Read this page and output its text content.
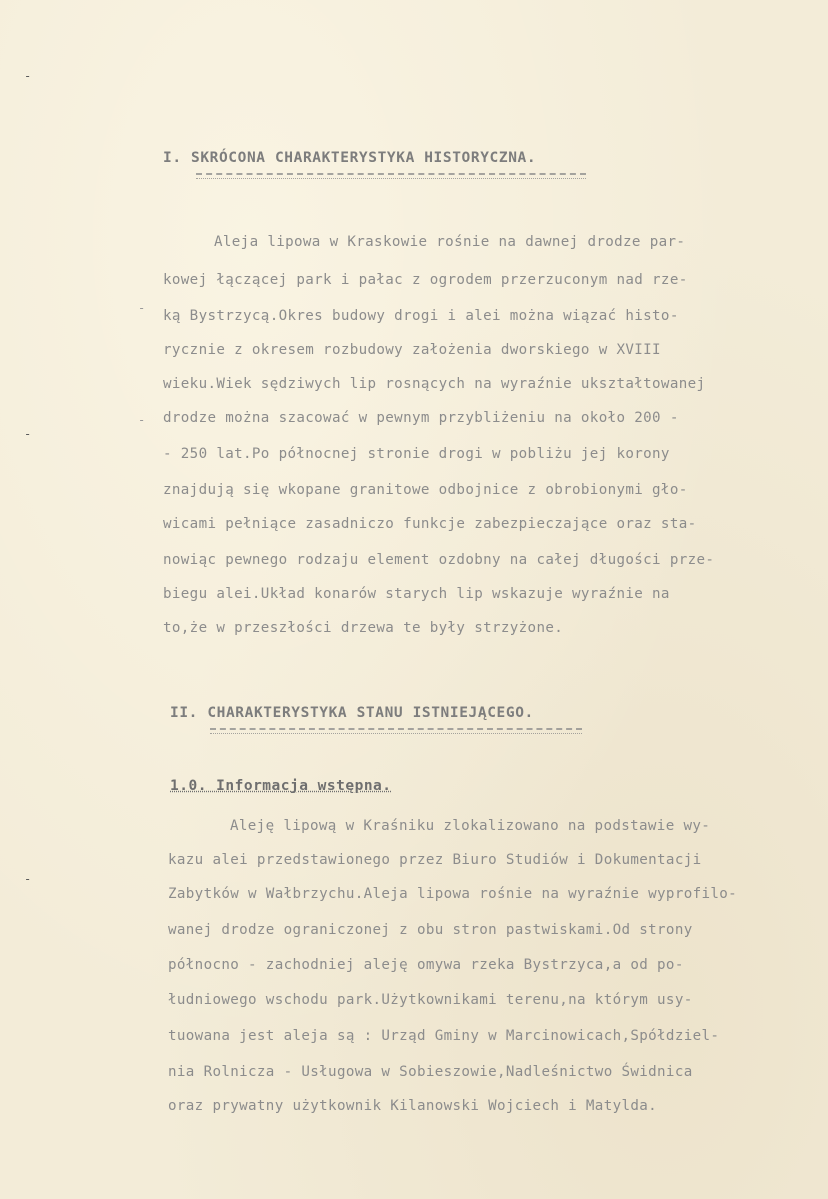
-
-
-
-
-
I. SKRÓCONA CHARAKTERYSTYKA HISTORYCZNA.
Aleja lipowa w Kraskowie rośnie na dawnej drodze par-
kowej łączącej park i pałac z ogrodem przerzuconym nad rze-
ką Bystrzycą.Okres budowy drogi i alei można wiązać histo-
rycznie z okresem rozbudowy założenia dworskiego w XVIII
wieku.Wiek sędziwych lip rosnących na wyraźnie ukształtowanej
drodze można szacować w pewnym przybliżeniu na około 200 -
- 250 lat.Po północnej stronie drogi w pobliżu jej korony
znajdują się wkopane granitowe odbojnice z obrobionymi gło-
wicami pełniące zasadniczo funkcje zabezpieczające oraz sta-
nowiąc pewnego rodzaju element ozdobny na całej długości prze-
biegu alei.Układ konarów starych lip wskazuje wyraźnie na
to,że w przeszłości drzewa te były strzyżone.
II. CHARAKTERYSTYKA STANU ISTNIEJĄCEGO.
1.0. Informacja wstępna.
Aleję lipową w Kraśniku zlokalizowano na podstawie wy-
kazu alei przedstawionego przez Biuro Studiów i Dokumentacji
Zabytków w Wałbrzychu.Aleja lipowa rośnie na wyraźnie wyprofilo-
wanej drodze ograniczonej z obu stron pastwiskami.Od strony
północno - zachodniej aleję omywa rzeka Bystrzyca,a od po-
łudniowego wschodu park.Użytkownikami terenu,na którym usy-
tuowana jest aleja są : Urząd Gminy w Marcinowicach,Spółdziel-
nia Rolnicza - Usługowa w Sobieszowie,Nadleśnictwo Świdnica
oraz prywatny użytkownik Kilanowski Wojciech i Matylda.
